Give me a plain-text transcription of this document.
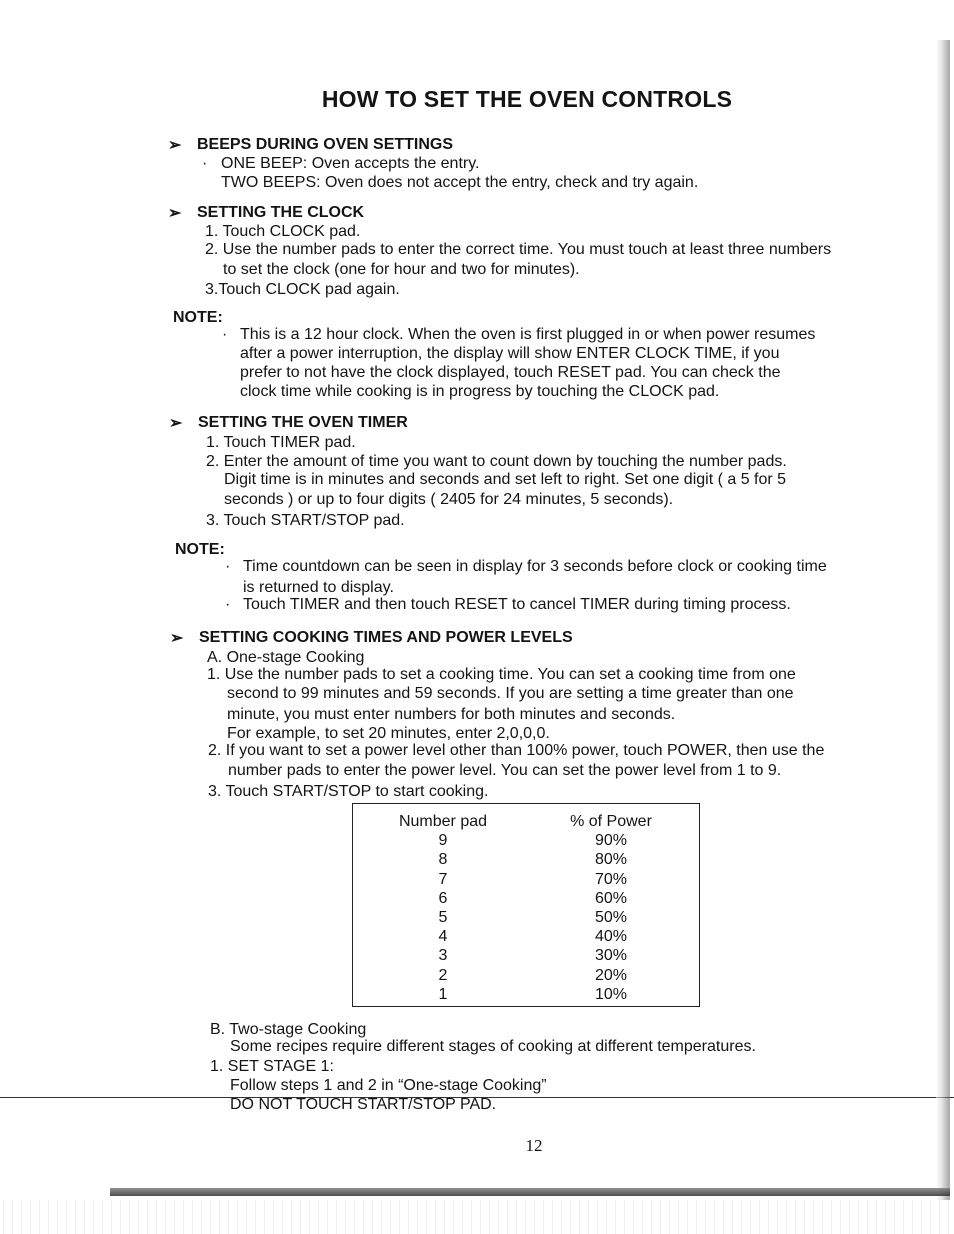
HOW TO SET THE OVEN CONTROLS
➢ BEEPS DURING OVEN SETTINGS
· ONE BEEP: Oven accepts the entry.
TWO BEEPS: Oven does not accept the entry, check and try again.
➢ SETTING THE CLOCK
1. Touch CLOCK pad.
2. Use the number pads to enter the correct time. You must touch at least three numbers
to set the clock (one for hour and two for minutes).
3.Touch CLOCK pad again.
NOTE:
· This is a 12 hour clock. When the oven is first plugged in or when power resumes
after a power interruption, the display will show ENTER CLOCK TIME, if you
prefer to not have the clock displayed, touch RESET pad. You can check the
clock time while cooking is in progress by touching the CLOCK pad.
➢ SETTING THE OVEN TIMER
1. Touch TIMER pad.
2. Enter the amount of time you want to count down by touching the number pads.
Digit time is in minutes and seconds and set left to right. Set one digit ( a 5 for 5
seconds ) or up to four digits ( 2405 for 24 minutes, 5 seconds).
3. Touch START/STOP pad.
NOTE:
· Time countdown can be seen in display for 3 seconds before clock or cooking time
is returned to display.
· Touch TIMER and then touch RESET to cancel TIMER during timing process.
➢ SETTING COOKING TIMES AND POWER LEVELS
A. One-stage Cooking
1. Use the number pads to set a cooking time. You can set a cooking time from one
second to 99 minutes and 59 seconds. If you are setting a time greater than one
minute, you must enter numbers for both minutes and seconds.
For example, to set 20 minutes, enter 2,0,0,0.
2. If you want to set a power level other than 100% power, touch POWER, then use the
number pads to enter the power level. You can set the power level from 1 to 9.
3. Touch START/STOP to start cooking.
Number pad
9
8
7
6
5
4
3
2
1
% of Power
90%
80%
70%
60%
50%
40%
30%
20%
10%
B. Two-stage Cooking
Some recipes require different stages of cooking at different temperatures.
1. SET STAGE 1:
Follow steps 1 and 2 in “One-stage Cooking”
DO NOT TOUCH START/STOP PAD.
12
